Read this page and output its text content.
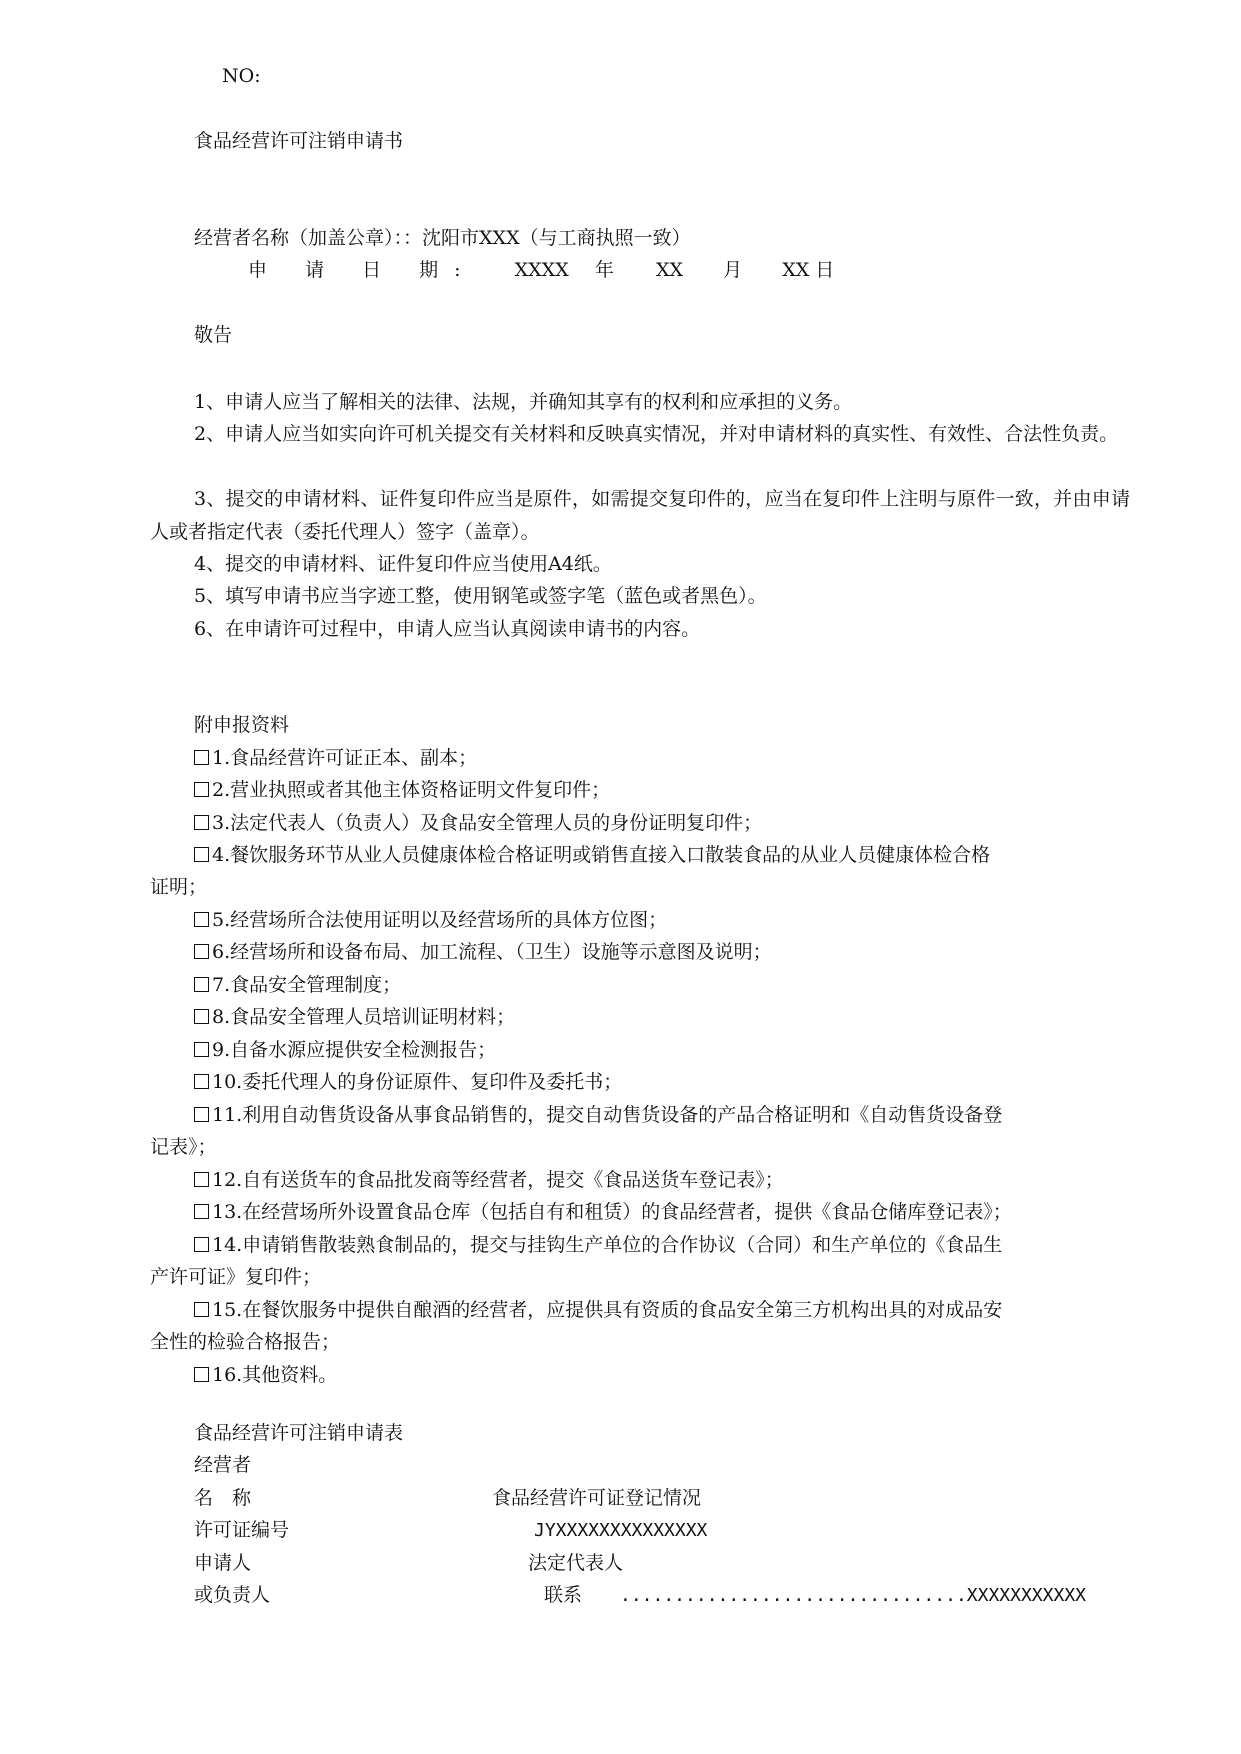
NO:
食品经营许可注销申请书
经营者名称（加盖公章）：：沈阳市XXX（与工商执照一致）
申 请 日 期: XXXX 年 XX 月 XX 日
敬告
1、申请人应当了解相关的法律、法规，并确知其享有的权利和应承担的义务。
2、申请人应当如实向许可机关提交有关材料和反映真实情况，并对申请材料的真实性、有效性、合法性负责。
3、提交的申请材料、证件复印件应当是原件，如需提交复印件的，应当在复印件上注明与原件一致，并由申请人或者指定代表（委托代理人）签字（盖章）。
4、提交的申请材料、证件复印件应当使用A4纸。
5、填写申请书应当字迹工整，使用钢笔或签字笔（蓝色或者黑色）。
6、在申请许可过程中，申请人应当认真阅读申请书的内容。
附申报资料
1.食品经营许可证正本、副本；
2.营业执照或者其他主体资格证明文件复印件；
3.法定代表人（负责人）及食品安全管理人员的身份证明复印件；
4.餐饮服务环节从业人员健康体检合格证明或销售直接入口散装食品的从业人员健康体检合格
证明；
5.经营场所合法使用证明以及经营场所的具体方位图；
6.经营场所和设备布局、加工流程、（卫生）设施等示意图及说明；
7.食品安全管理制度；
8.食品安全管理人员培训证明材料；
9.自备水源应提供安全检测报告；
10.委托代理人的身份证原件、复印件及委托书；
11.利用自动售货设备从事食品销售的，提交自动售货设备的产品合格证明和《自动售货设备登
记表》；
12.自有送货车的食品批发商等经营者，提交《食品送货车登记表》；
13.在经营场所外设置食品仓库（包括自有和租赁）的食品经营者，提供《食品仓储库登记表》；
14.申请销售散装熟食制品的，提交与挂钩生产单位的合作协议（合同）和生产单位的《食品生
产许可证》复印件；
15.在餐饮服务中提供自酿酒的经营者，应提供具有资质的食品安全第三方机构出具的对成品安
全性的检验合格报告；
16.其他资料。
食品经营许可注销申请表
经营者
名　称	食品经营许可证登记情况
许可证编号	JYXXXXXXXXXXXXXX
申请人	法定代表人
或负责人	联系 ................................XXXXXXXXXXX
